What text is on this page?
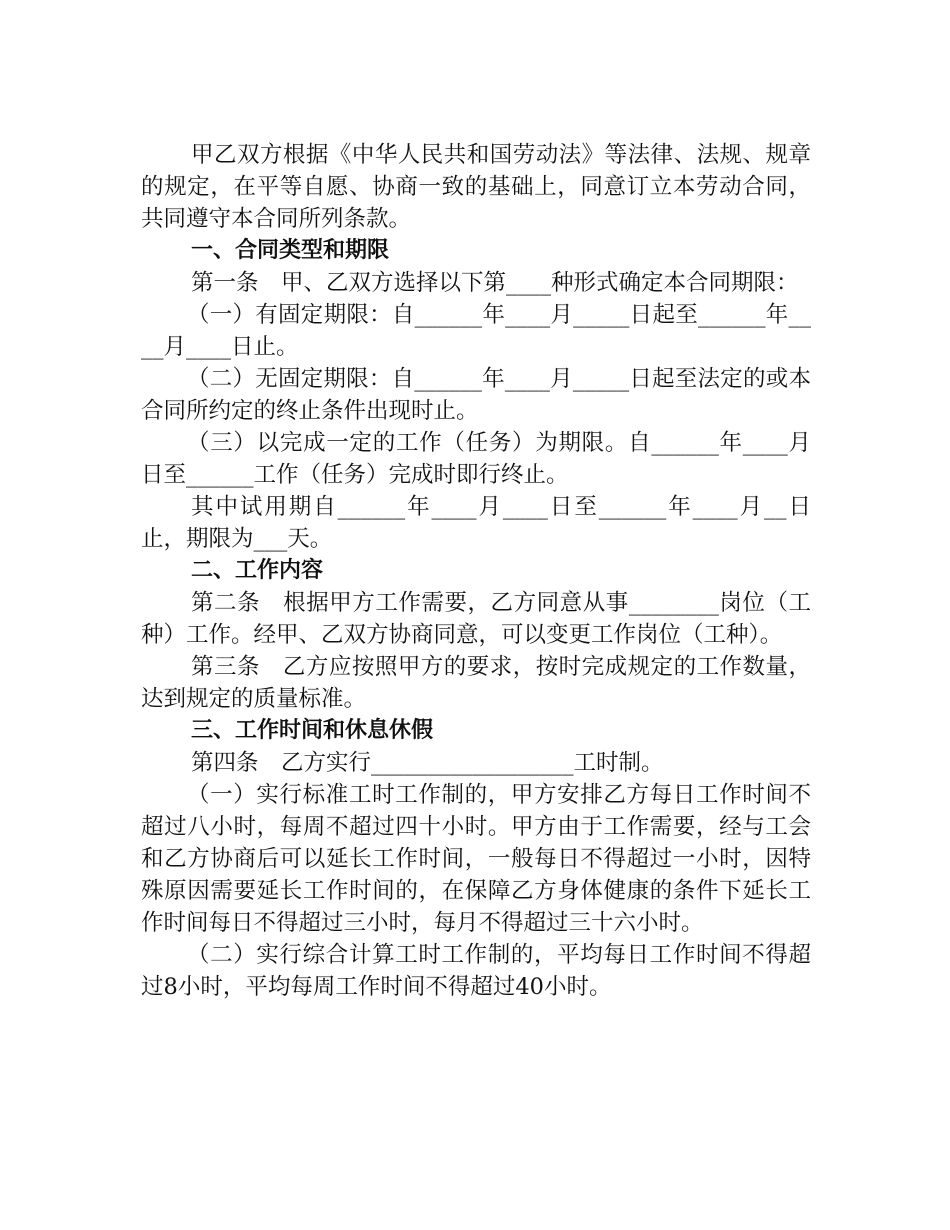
甲乙双方根据《中华人民共和国劳动法》等法律、法规、规章的规定，在平等自愿、协商一致的基础上，同意订立本劳动合同，共同遵守本合同所列条款。

一、合同类型和期限

第一条　甲、乙双方选择以下第____种形式确定本合同期限：

（一）有固定期限：自______年____月_____日起至______年____月____日止。

（二）无固定期限：自______年____月_____日起至法定的或本合同所约定的终止条件出现时止。

（三）以完成一定的工作（任务）为期限。自______年____月日至______工作（任务）完成时即行终止。

其中试用期自______年____月____日至______年____月__日止，期限为___天。

二、工作内容

第二条　根据甲方工作需要，乙方同意从事________岗位（工种）工作。经甲、乙双方协商同意，可以变更工作岗位（工种）。

第三条　乙方应按照甲方的要求，按时完成规定的工作数量，达到规定的质量标准。

三、工作时间和休息休假

第四条　乙方实行__________________工时制。

（一）实行标准工时工作制的，甲方安排乙方每日工作时间不超过八小时，每周不超过四十小时。甲方由于工作需要，经与工会和乙方协商后可以延长工作时间，一般每日不得超过一小时，因特殊原因需要延长工作时间的，在保障乙方身体健康的条件下延长工作时间每日不得超过三小时，每月不得超过三十六小时。

（二）实行综合计算工时工作制的，平均每日工作时间不得超过8小时，平均每周工作时间不得超过40小时。
